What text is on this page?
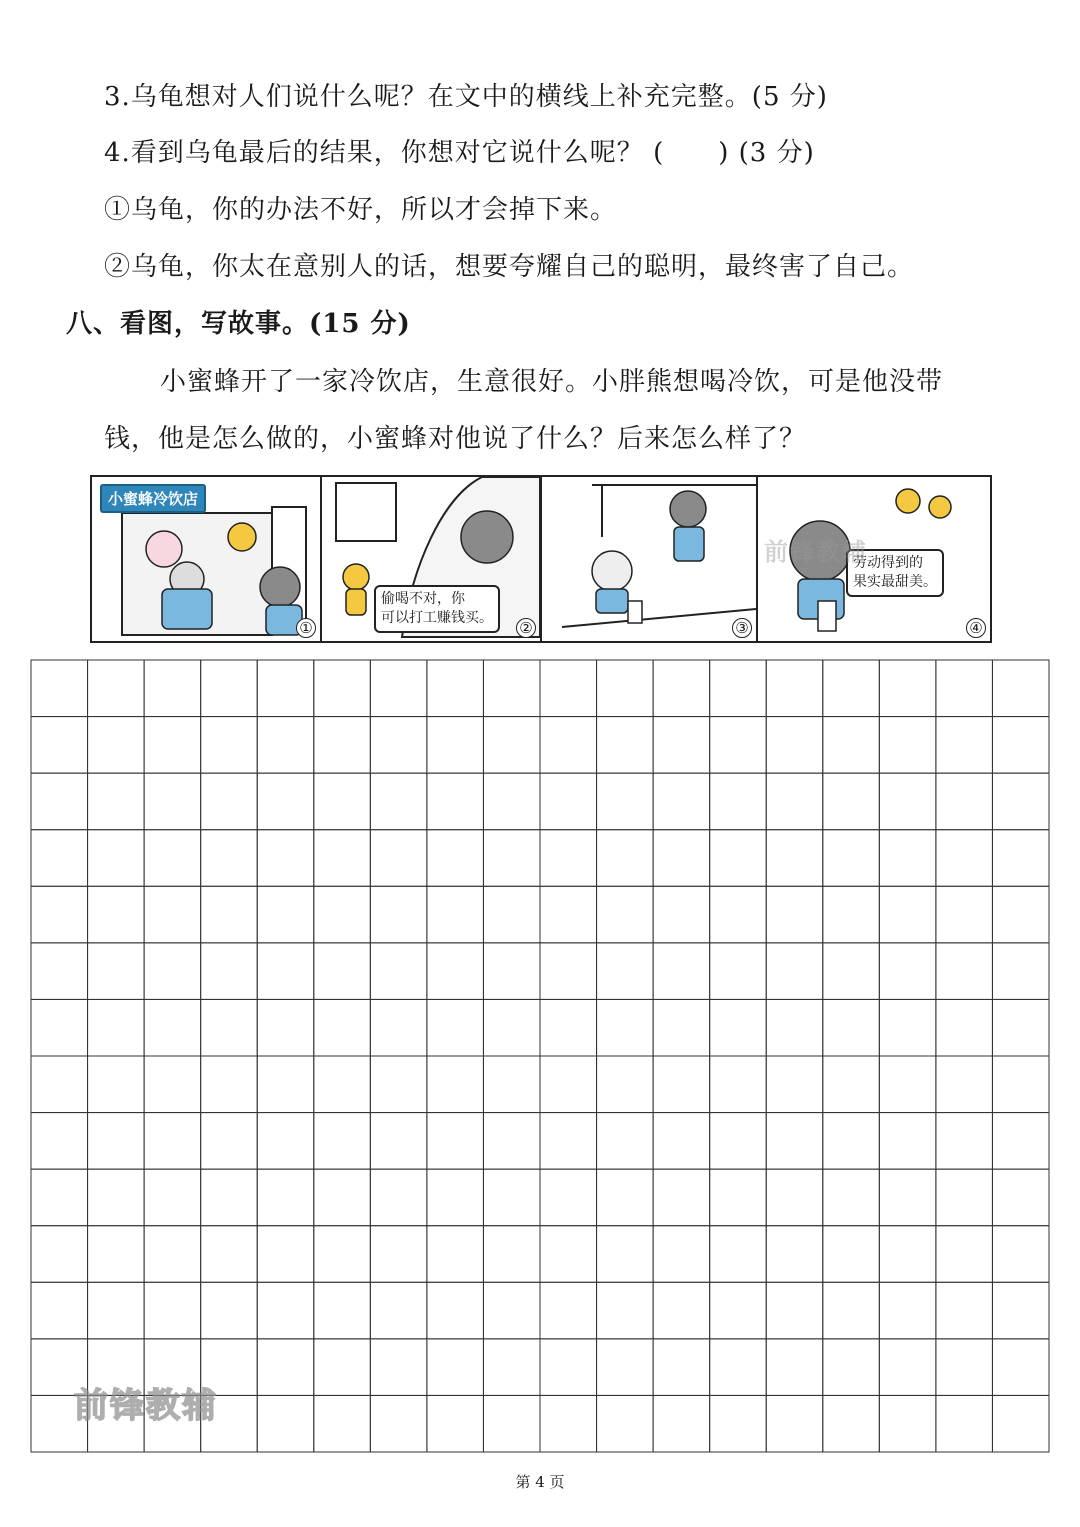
3.乌龟想对人们说什么呢？在文中的横线上补充完整。(5 分)
4.看到乌龟最后的结果，你想对它说什么呢？ (　　) (3 分)
①乌龟，你的办法不好，所以才会掉下来。
②乌龟，你太在意别人的话，想要夸耀自己的聪明，最终害了自己。
八、看图，写故事。(15 分)
小蜜蜂开了一家冷饮店，生意很好。小胖熊想喝冷饮，可是他没带
钱，他是怎么做的，小蜜蜂对他说了什么？后来怎么样了？
小蜜蜂冷饮店
①
偷喝不对，你
可以打工赚钱买。
②	③
劳动得到的
果实最甜美。
④
前锋教辅
前锋教辅
第 4 页
